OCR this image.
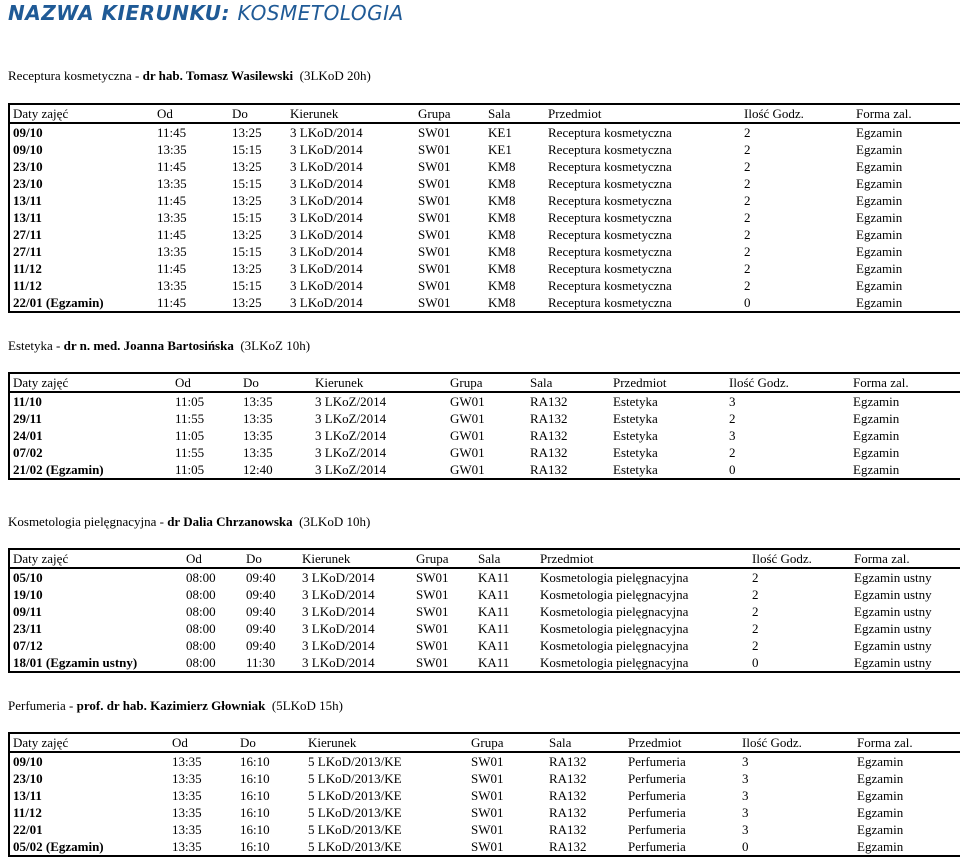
NAZWA KIERUNKU: KOSMETOLOGIA
Receptura kosmetyczna - dr hab. Tomasz Wasilewski (3LKoD 20h)
Daty zajęć	Od	Do	Kierunek	Grupa	Sala	Przedmiot	Ilość Godz.	Forma zal.
09/10	11:45	13:25	3 LKoD/2014	SW01	KE1	Receptura kosmetyczna	2	Egzamin
09/10	13:35	15:15	3 LKoD/2014	SW01	KE1	Receptura kosmetyczna	2	Egzamin
23/10	11:45	13:25	3 LKoD/2014	SW01	KM8	Receptura kosmetyczna	2	Egzamin
23/10	13:35	15:15	3 LKoD/2014	SW01	KM8	Receptura kosmetyczna	2	Egzamin
13/11	11:45	13:25	3 LKoD/2014	SW01	KM8	Receptura kosmetyczna	2	Egzamin
13/11	13:35	15:15	3 LKoD/2014	SW01	KM8	Receptura kosmetyczna	2	Egzamin
27/11	11:45	13:25	3 LKoD/2014	SW01	KM8	Receptura kosmetyczna	2	Egzamin
27/11	13:35	15:15	3 LKoD/2014	SW01	KM8	Receptura kosmetyczna	2	Egzamin
11/12	11:45	13:25	3 LKoD/2014	SW01	KM8	Receptura kosmetyczna	2	Egzamin
11/12	13:35	15:15	3 LKoD/2014	SW01	KM8	Receptura kosmetyczna	2	Egzamin
22/01 (Egzamin)	11:45	13:25	3 LKoD/2014	SW01	KM8	Receptura kosmetyczna	0	Egzamin
Estetyka - dr n. med. Joanna Bartosińska (3LKoZ 10h)
Daty zajęć	Od	Do	Kierunek	Grupa	Sala	Przedmiot	Ilość Godz.	Forma zal.
11/10	11:05	13:35	3 LKoZ/2014	GW01	RA132	Estetyka	3	Egzamin
29/11	11:55	13:35	3 LKoZ/2014	GW01	RA132	Estetyka	2	Egzamin
24/01	11:05	13:35	3 LKoZ/2014	GW01	RA132	Estetyka	3	Egzamin
07/02	11:55	13:35	3 LKoZ/2014	GW01	RA132	Estetyka	2	Egzamin
21/02 (Egzamin)	11:05	12:40	3 LKoZ/2014	GW01	RA132	Estetyka	0	Egzamin
Kosmetologia pielęgnacyjna - dr Dalia Chrzanowska (3LKoD 10h)
Daty zajęć	Od	Do	Kierunek	Grupa	Sala	Przedmiot	Ilość Godz.	Forma zal.
05/10	08:00	09:40	3 LKoD/2014	SW01	KA11	Kosmetologia pielęgnacyjna	2	Egzamin ustny
19/10	08:00	09:40	3 LKoD/2014	SW01	KA11	Kosmetologia pielęgnacyjna	2	Egzamin ustny
09/11	08:00	09:40	3 LKoD/2014	SW01	KA11	Kosmetologia pielęgnacyjna	2	Egzamin ustny
23/11	08:00	09:40	3 LKoD/2014	SW01	KA11	Kosmetologia pielęgnacyjna	2	Egzamin ustny
07/12	08:00	09:40	3 LKoD/2014	SW01	KA11	Kosmetologia pielęgnacyjna	2	Egzamin ustny
18/01 (Egzamin ustny)	08:00	11:30	3 LKoD/2014	SW01	KA11	Kosmetologia pielęgnacyjna	0	Egzamin ustny
Perfumeria - prof. dr hab. Kazimierz Głowniak (5LKoD 15h)
Daty zajęć	Od	Do	Kierunek	Grupa	Sala	Przedmiot	Ilość Godz.	Forma zal.
09/10	13:35	16:10	5 LKoD/2013/KE	SW01	RA132	Perfumeria	3	Egzamin
23/10	13:35	16:10	5 LKoD/2013/KE	SW01	RA132	Perfumeria	3	Egzamin
13/11	13:35	16:10	5 LKoD/2013/KE	SW01	RA132	Perfumeria	3	Egzamin
11/12	13:35	16:10	5 LKoD/2013/KE	SW01	RA132	Perfumeria	3	Egzamin
22/01	13:35	16:10	5 LKoD/2013/KE	SW01	RA132	Perfumeria	3	Egzamin
05/02 (Egzamin)	13:35	16:10	5 LKoD/2013/KE	SW01	RA132	Perfumeria	0	Egzamin
